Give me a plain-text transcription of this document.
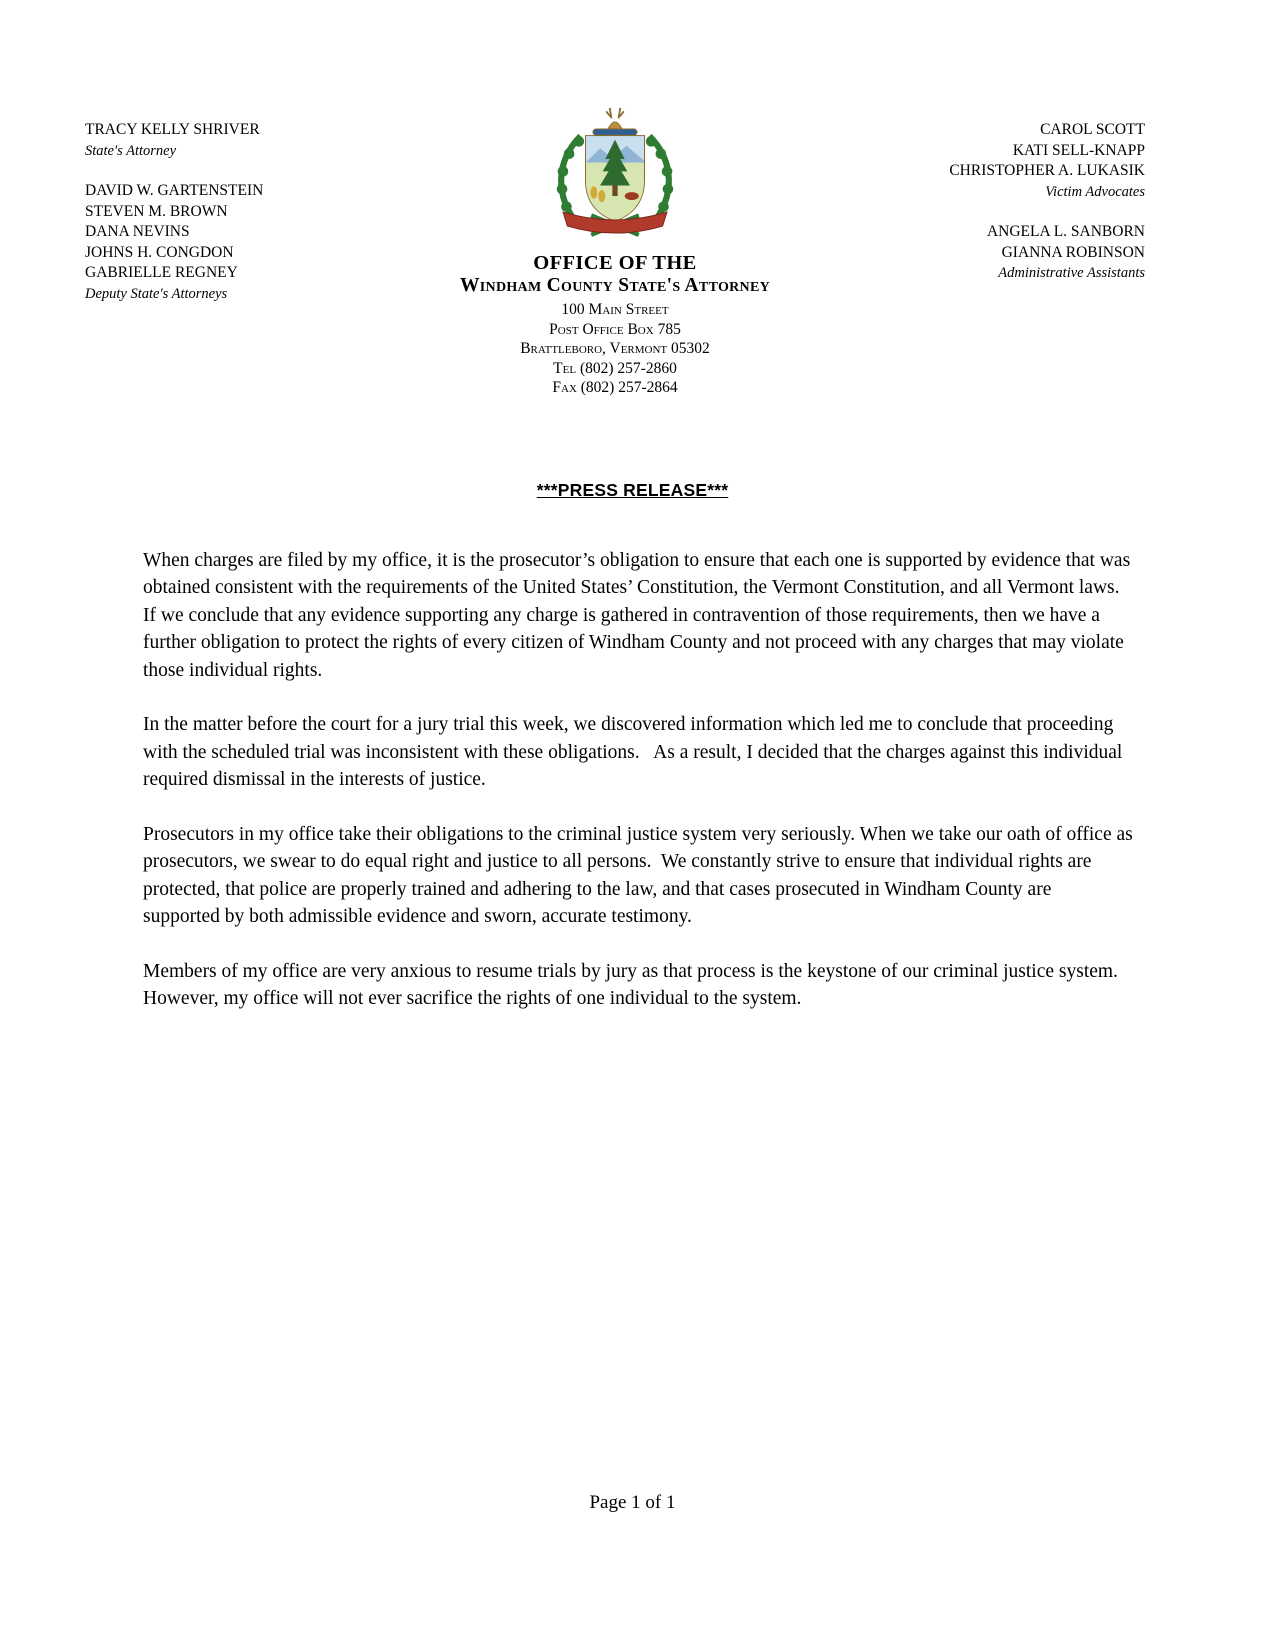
TRACY KELLY SHRIVER
State's Attorney
DAVID W. GARTENSTEIN
STEVEN M. BROWN
DANA NEVINS
JOHNS H. CONGDON
GABRIELLE REGNEY
Deputy State's Attorneys
OFFICE OF THE
Windham County State's Attorney
100 Main Street
Post Office Box 785
Brattleboro, Vermont 05302
Tel (802) 257-2860
Fax (802) 257-2864
CAROL SCOTT
KATI SELL-KNAPP
CHRISTOPHER A. LUKASIK
Victim Advocates
ANGELA L. SANBORN
GIANNA ROBINSON
Administrative Assistants
***PRESS RELEASE***

When charges are filed by my office, it is the prosecutor’s obligation to ensure that each one is supported by evidence that was obtained consistent with the requirements of the United States’ Constitution, the Vermont Constitution, and all Vermont laws.  If we conclude that any evidence supporting any charge is gathered in contravention of those requirements, then we have a further obligation to protect the rights of every citizen of Windham County and not proceed with any charges that may violate those individual rights.

In the matter before the court for a jury trial this week, we discovered information which led me to conclude that proceeding with the scheduled trial was inconsistent with these obligations.   As a result, I decided that the charges against this individual required dismissal in the interests of justice.

Prosecutors in my office take their obligations to the criminal justice system very seriously. When we take our oath of office as prosecutors, we swear to do equal right and justice to all persons.  We constantly strive to ensure that individual rights are protected, that police are properly trained and adhering to the law, and that cases prosecuted in Windham County are supported by both admissible evidence and sworn, accurate testimony.

Members of my office are very anxious to resume trials by jury as that process is the keystone of our criminal justice system.  However, my office will not ever sacrifice the rights of one individual to the system.

Page 1 of 1
